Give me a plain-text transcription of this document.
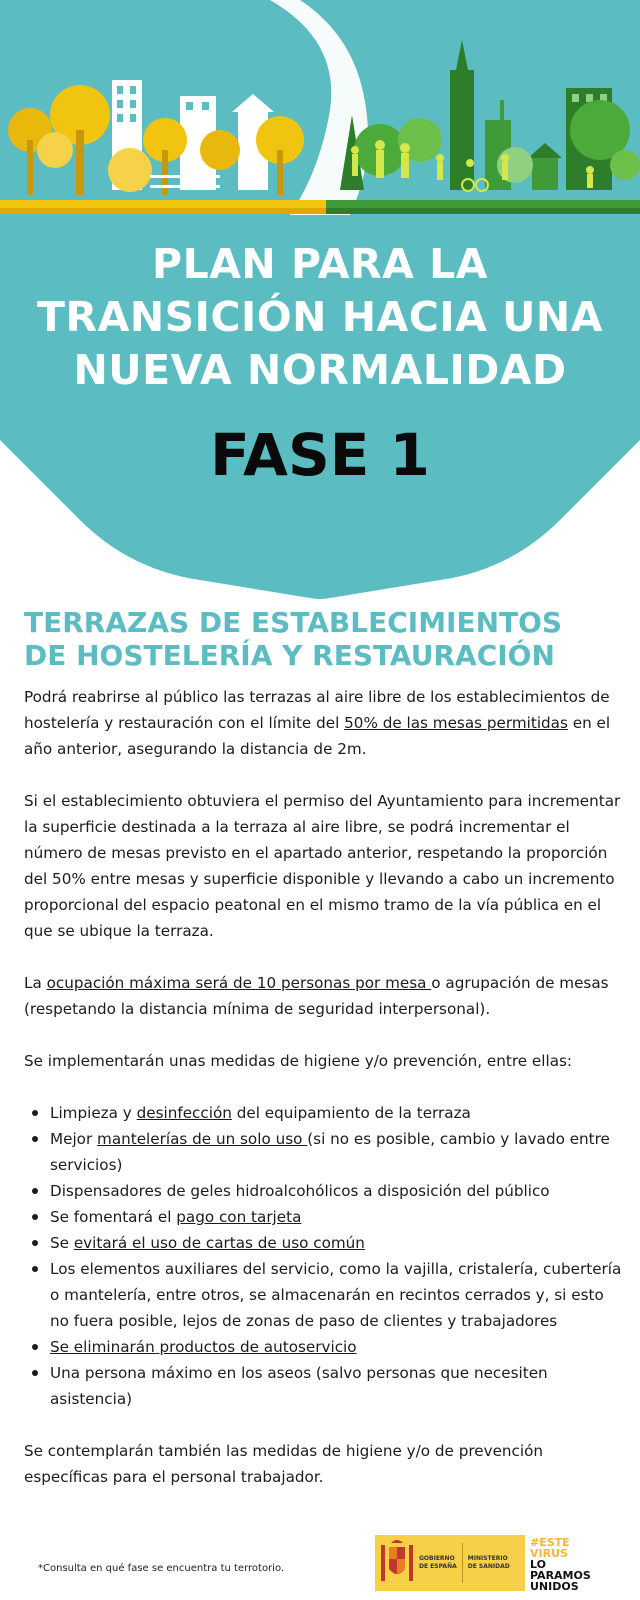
PLAN PARA LA
TRANSICIÓN HACIA UNA
NUEVA NORMALIDAD
FASE 1
TERRAZAS DE ESTABLECIMIENTOS
DE HOSTELERÍA Y RESTAURACIÓN

Podrá reabrirse al público las terrazas al aire libre de los establecimientos de hostelería y restauración con el límite del 50% de las mesas permitidas en el año anterior, asegurando la distancia de 2m.

Si el establecimiento obtuviera el permiso del Ayuntamiento para incrementar la superficie destinada a la terraza al aire libre, se podrá incrementar el número de mesas previsto en el apartado anterior, respetando la proporción del 50% entre mesas y superficie disponible y llevando a cabo un incremento proporcional del espacio peatonal en el mismo tramo de la vía pública en el que se ubique la terraza.

La ocupación máxima será de 10 personas por mesa o agrupación de mesas (respetando la distancia mínima de seguridad interpersonal).

Se implementarán unas medidas de higiene y/o prevención, entre ellas:

Limpieza y desinfección del equipamiento de la terraza
Mejor mantelerías de un solo uso (si no es posible, cambio y lavado entre servicios)
Dispensadores de geles hidroalcohólicos a disposición del público
Se fomentará el pago con tarjeta
Se evitará el uso de cartas de uso común
Los elementos auxiliares del servicio, como la vajilla, cristalería, cubertería o mantelería, entre otros, se almacenarán en recintos cerrados y, si esto no fuera posible, lejos de zonas de paso de clientes y trabajadores
Se eliminarán productos de autoservicio
Una persona máximo en los aseos (salvo personas que necesiten asistencia)

Se contemplarán también las medidas de higiene y/o de prevención específicas para el personal trabajador.

*Consulta en qué fase se encuentra tu terrotorio.
GOBIERNO
DE ESPAÑA
MINISTERIO
DE SANIDAD
#ESTE
VIRUS
LO
PARAMOS
UNIDOS
